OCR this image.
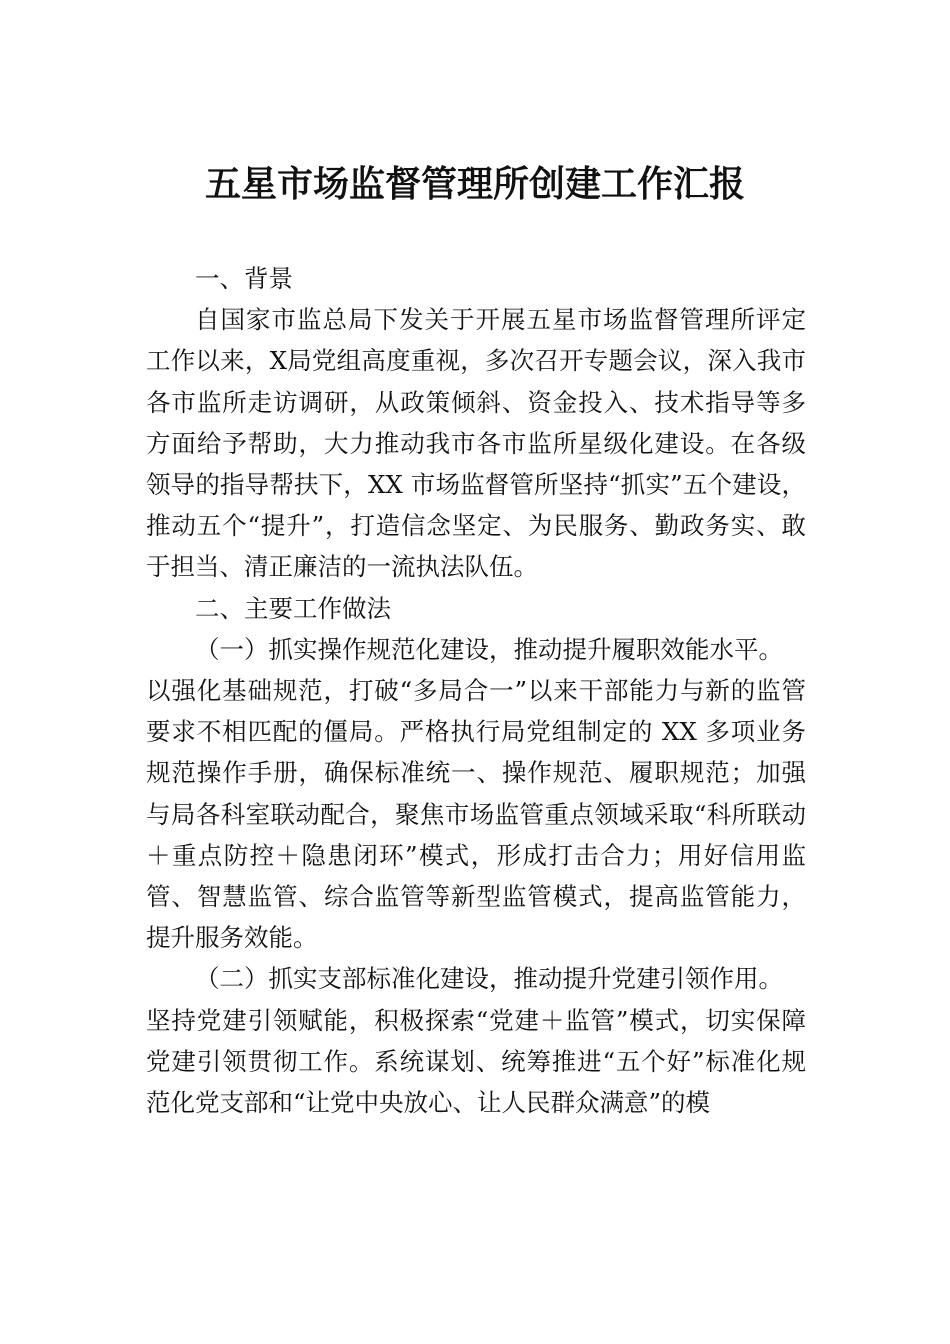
五星市场监督管理所创建工作汇报

一、背景

自国家市监总局下发关于开展五星市场监督管理所评定工作以来，X局党组高度重视，多次召开专题会议，深入我市各市监所走访调研，从政策倾斜、资金投入、技术指导等多方面给予帮助，大力推动我市各市监所星级化建设。在各级领导的指导帮扶下，XX 市场监督管所坚持“抓实”五个建设，推动五个“提升”，打造信念坚定、为民服务、勤政务实、敢于担当、清正廉洁的一流执法队伍。

二、主要工作做法

（一）抓实操作规范化建设，推动提升履职效能水平。

以强化基础规范，打破“多局合一”以来干部能力与新的监管要求不相匹配的僵局。严格执行局党组制定的 XX 多项业务规范操作手册，确保标准统一、操作规范、履职规范；加强与局各科室联动配合，聚焦市场监管重点领域采取“科所联动＋重点防控＋隐患闭环”模式，形成打击合力；用好信用监管、智慧监管、综合监管等新型监管模式，提高监管能力，提升服务效能。

（二）抓实支部标准化建设，推动提升党建引领作用。

坚持党建引领赋能，积极探索“党建＋监管”模式，切实保障党建引领贯彻工作。系统谋划、统筹推进“五个好”标准化规范化党支部和“让党中央放心、让人民群众满意”的模
